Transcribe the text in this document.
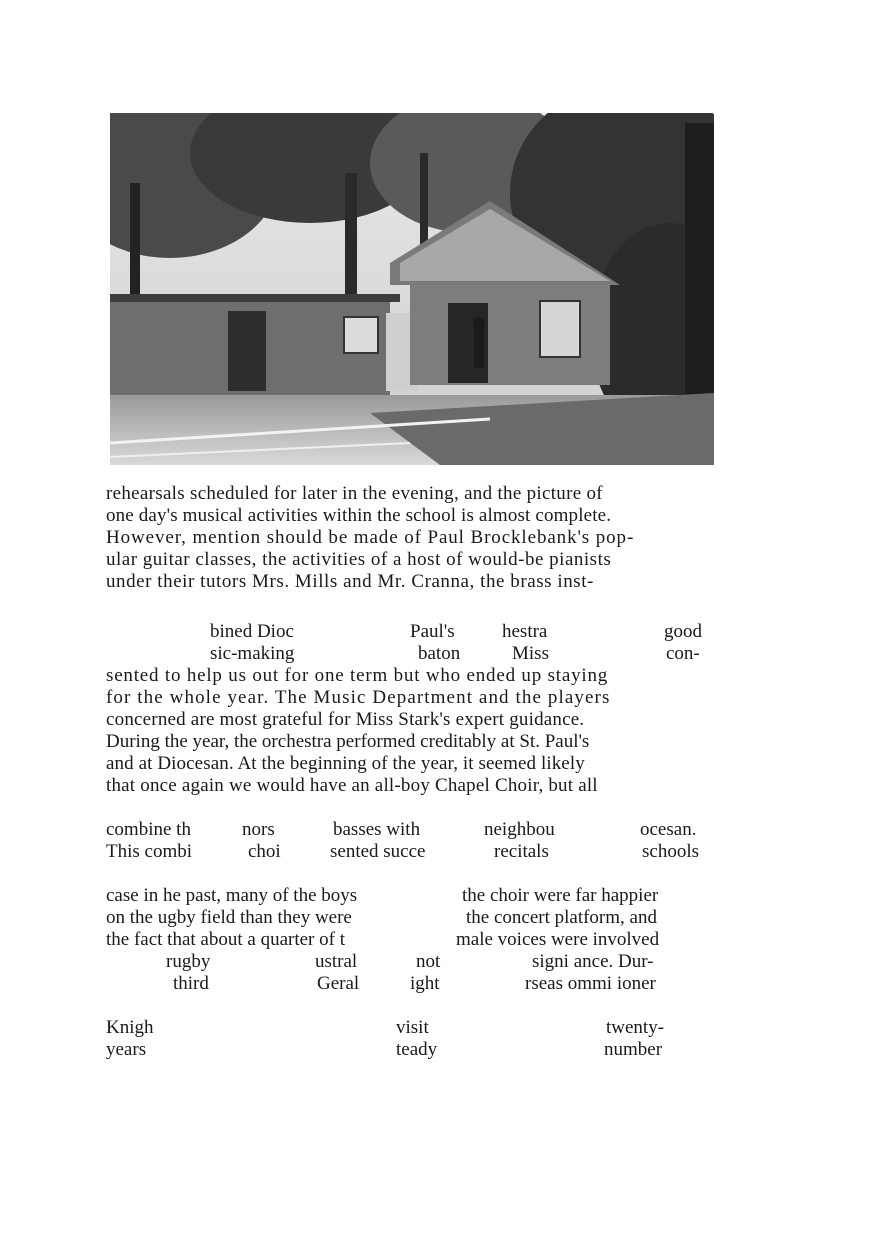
rehearsals scheduled for later in the evening, and the picture of
one day's musical activities within the school is almost complete.
However, mention should be made of Paul Brocklebank's pop-
ular guitar classes, the activities of a host of would-be pianists
under their tutors Mrs. Mills and Mr. Cranna, the brass inst-
bined Dioc	Paul's hestra	good
sic-making	baton	Miss	con-
sented to help us out for one term but who ended up staying
for the whole year. The Music Department and the players
concerned are most grateful for Miss Stark's expert guidance.
During the year, the orchestra performed creditably at St. Paul's
and at Diocesan. At the beginning of the year, it seemed likely
that once again we would have an all-boy Chapel Choir, but all
combine th	nors	basses with	neighbou	ocesan.
This combi	choi	sented succe	recitals	schools
case in he past, many of the boys	the choir were far happier
on the ugby field than they were	the concert platform, and
the fact that about a quarter of t	male voices were involved
rugby	ustral	not	signi ance. Dur-
third	Geral	ight	rseas ommi ioner
Knigh	visit	twenty-
years	teady	number
